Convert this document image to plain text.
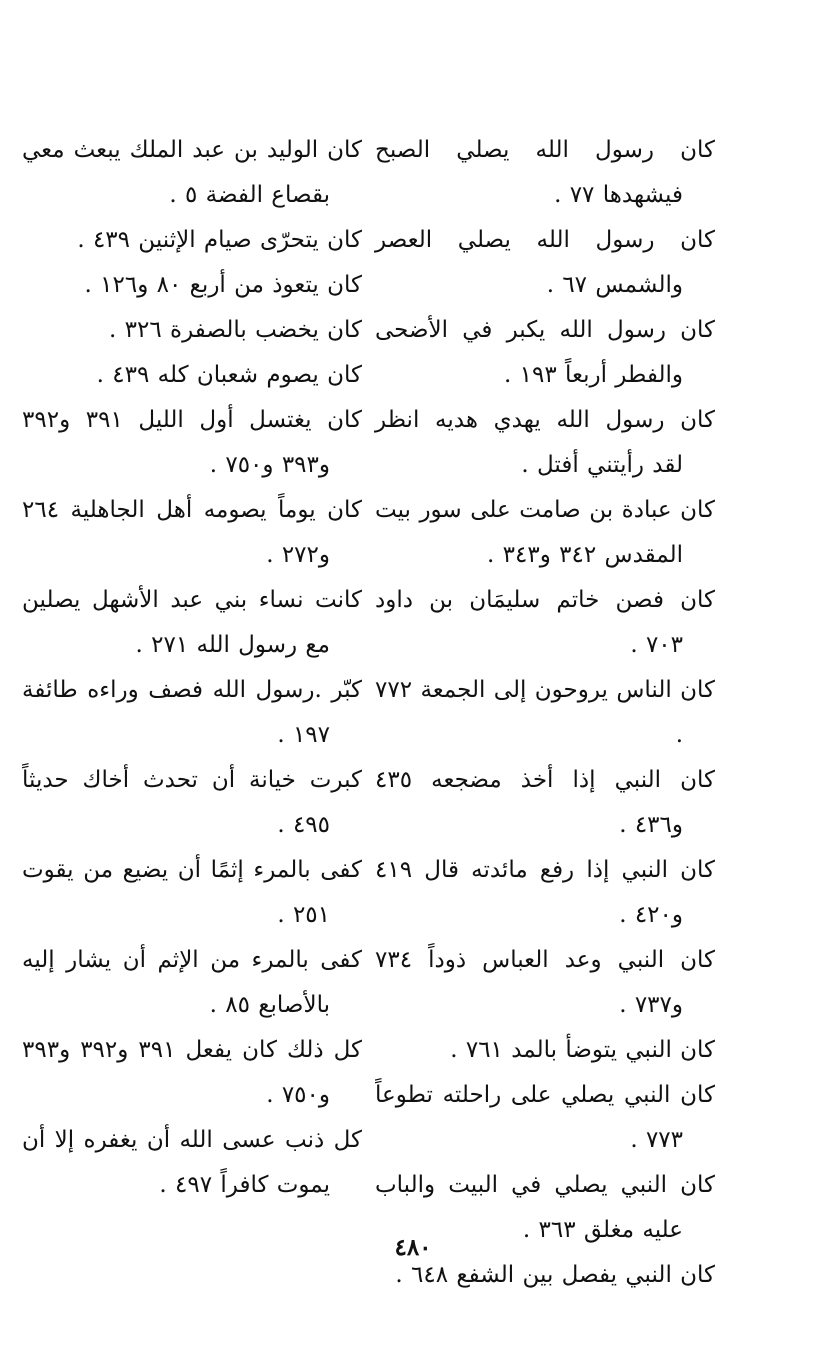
كان رسول الله يصلي الصبح فيشهدها ٧٧ .
كان رسول الله يصلي العصر والشمس ٦٧ .
كان رسول الله يكبر في الأضحى والفطر أربعاً ١٩٣ .
كان رسول الله يهدي هديه انظر لقد رأيتني أفتل .
كان عبادة بن صامت على سور بيت المقدس ٣٤٢ و٣٤٣ .
كان فصن خاتم سليمَان بن داود ٧٠٣ .
كان الناس يروحون إلى الجمعة ٧٧٢ .
كان النبي إذا أخذ مضجعه ٤٣٥ و٤٣٦ .
كان النبي إذا رفع مائدته قال ٤١٩ و٤٢٠ .
كان النبي وعد العباس ذوداً ٧٣٤ و٧٣٧ .
كان النبي يتوضأ بالمد ٧٦١ .
كان النبي يصلي على راحلته تطوعاً ٧٧٣ .
كان النبي يصلي في البيت والباب عليه مغلق ٣٦٣ .
كان النبي يفصل بين الشفع ٦٤٨ .
كان الوليد بن عبد الملك يبعث معي بقصاع الفضة ٥ .
كان يتحرّى صيام الإثنين ٤٣٩ .
كان يتعوذ من أربع ٨٠ و١٢٦ .
كان يخضب بالصفرة ٣٢٦ .
كان يصوم شعبان كله ٤٣٩ .
كان يغتسل أول الليل ٣٩١ و٣٩٢ و٣٩٣ و٧٥٠ .
كان يوماً يصومه أهل الجاهلية ٢٦٤ و٢٧٢ .
كانت نساء بني عبد الأشهل يصلين مع رسول الله ٢٧١ .
كبّر .رسول الله فصف وراءه طائفة ١٩٧ .
كبرت خيانة أن تحدث أخاك حديثاً ٤٩٥ .
كفى بالمرء إثمًا أن يضيع من يقوت ٢٥١ .
كفى بالمرء من الإثم أن يشار إليه بالأصابع ٨٥ .
كل ذلك كان يفعل ٣٩١ و٣٩٢ و٣٩٣ و٧٥٠ .
كل ذنب عسى الله أن يغفره إلا أن يموت كافراً ٤٩٧ .
٤٨٠
